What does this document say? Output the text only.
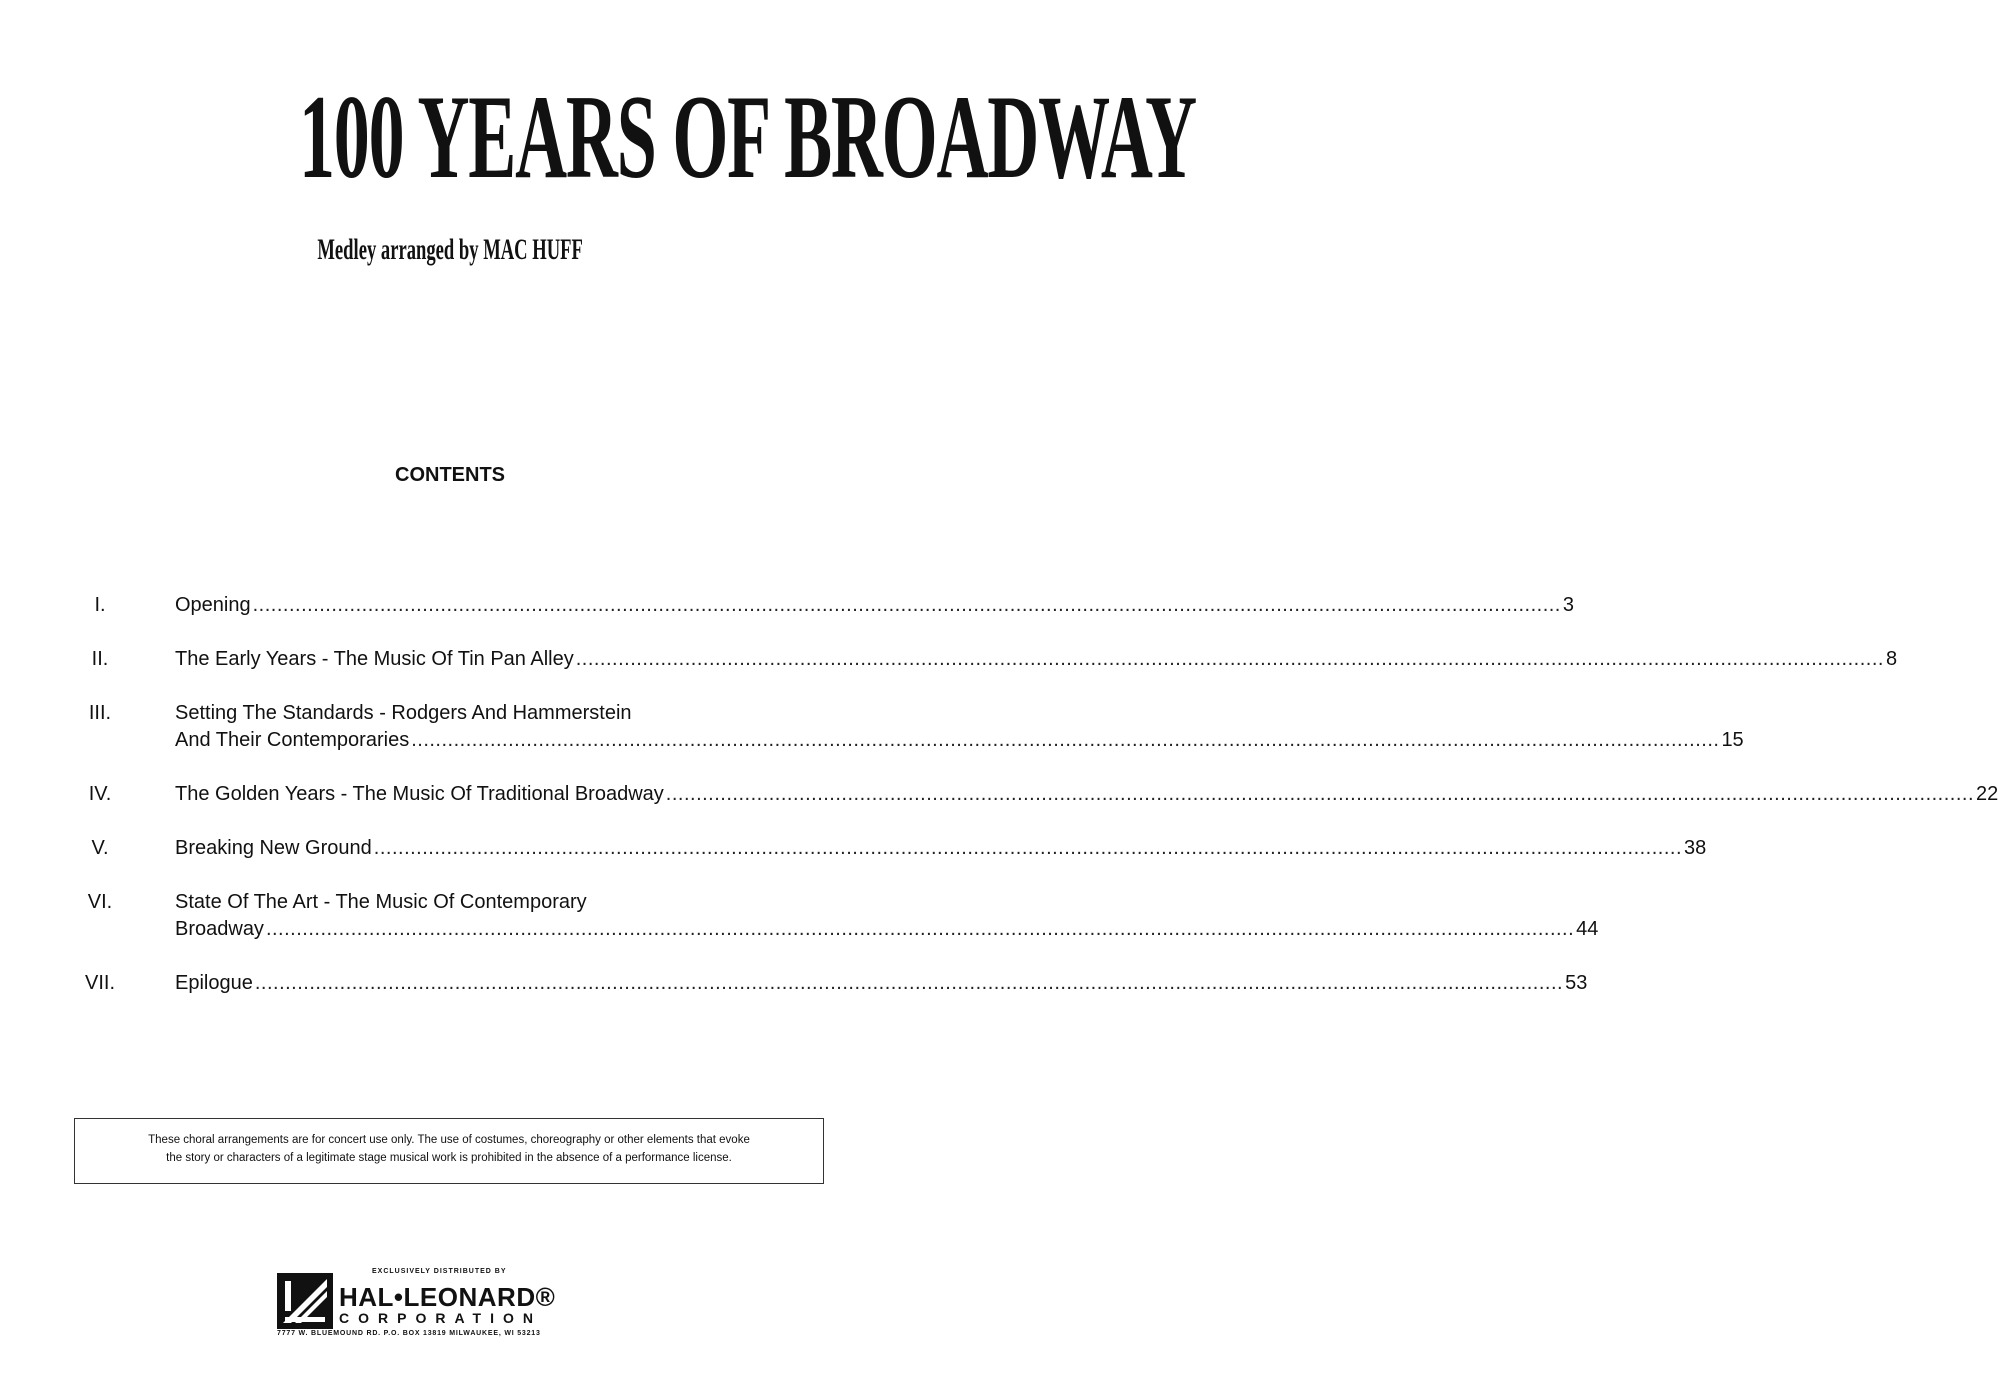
100 YEARS OF BROADWAY
Medley arranged by MAC HUFF
CONTENTS
I.	Opening .....	3
II.	The Early Years - The Music Of Tin Pan Alley .....	8
III.	Setting The Standards - Rodgers And Hammerstein
And Their Contemporaries .....	15
IV.	The Golden Years - The Music Of Traditional Broadway .....	22
V.	Breaking New Ground .....	38
VI.	State Of The Art - The Music Of Contemporary
Broadway .....	44
VII.	Epilogue .....	53
These choral arrangements are for concert use only. The use of costumes, choreography or other elements that evoke
the story or characters of a legitimate stage musical work is prohibited in the absence of a performance license.
EXCLUSIVELY DISTRIBUTED BY
HAL•LEONARD®
CORPORATION
7777 W. BLUEMOUND RD. P.O. BOX 13819 MILWAUKEE, WI 53213
